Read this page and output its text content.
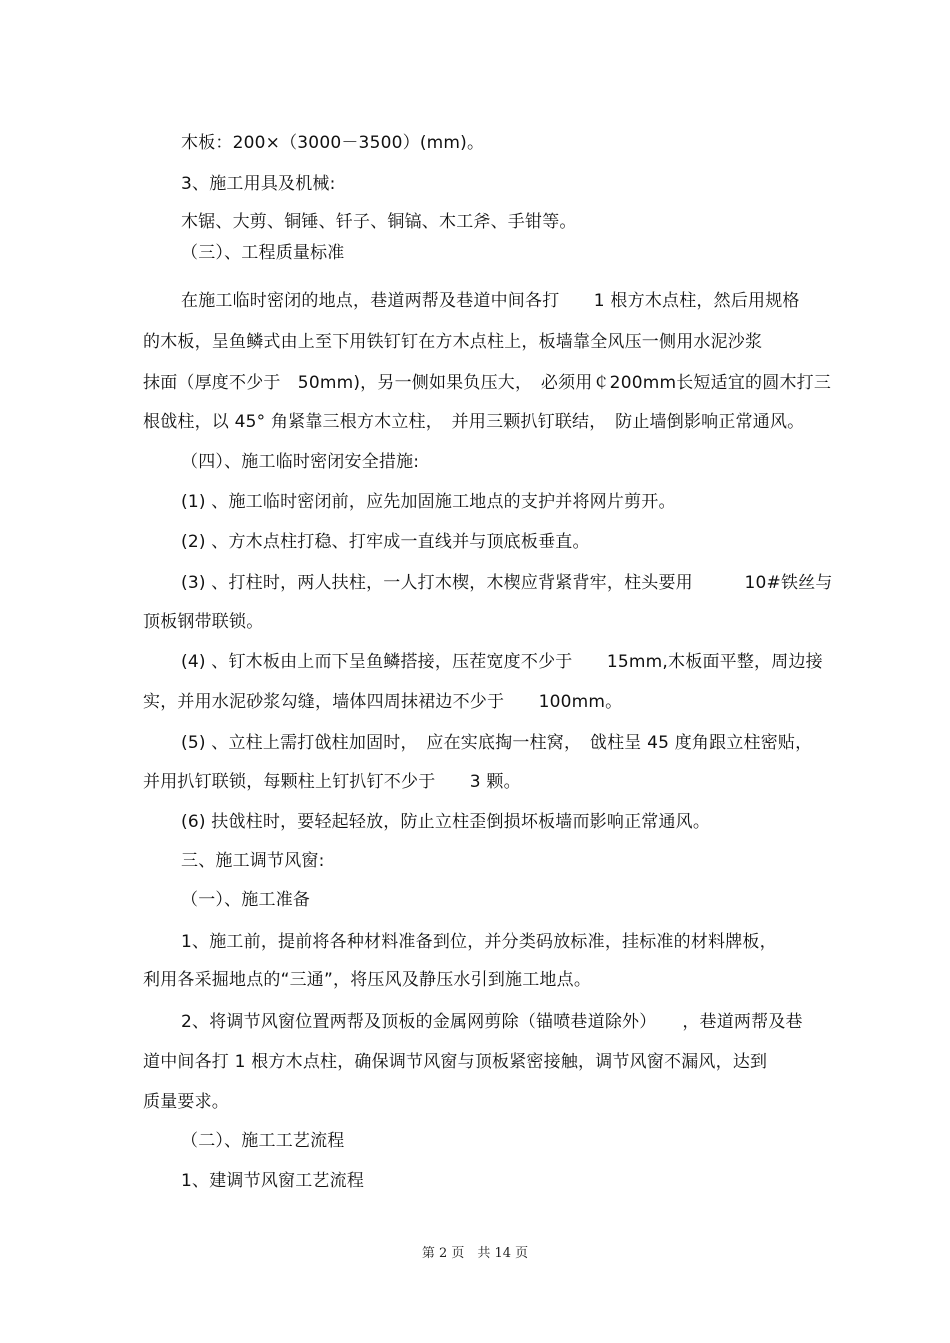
木板：200×（3000－3500）(mm)。
3、施工用具及机械:
木锯、大剪、铜锤、钎子、铜镐、木工斧、手钳等。
（三）、工程质量标准
在施工临时密闭的地点，巷道两帮及巷道中间各打　　1 根方木点柱，然后用规格
的木板，呈鱼鳞式由上至下用铁钉钉在方木点柱上，板墙靠全风压一侧用水泥沙浆
抹面（厚度不少于　50mm)，另一侧如果负压大，　必须用￠200mm长短适宜的圆木打三
根戗柱，以 45° 角紧靠三根方木立柱，　并用三颗扒钉联结，　防止墙倒影响正常通风。
（四）、施工临时密闭安全措施:
(1) 、施工临时密闭前，应先加固施工地点的支护并将网片剪开。
(2) 、方木点柱打稳、打牢成一直线并与顶底板垂直。
(3) 、打柱时，两人扶柱，一人打木楔，木楔应背紧背牢，柱头要用　　　10#铁丝与
顶板钢带联锁。
(4) 、钉木板由上而下呈鱼鳞搭接，压茬宽度不少于　　15mm,木板面平整，周边接
实，并用水泥砂浆勾缝，墙体四周抹裙边不少于　　100mm。
(5) 、立柱上需打戗柱加固时，　应在实底掏一柱窝，　戗柱呈 45 度角跟立柱密贴，
并用扒钉联锁，每颗柱上钉扒钉不少于　　3 颗。
(6) 扶戗柱时，要轻起轻放，防止立柱歪倒损坏板墙而影响正常通风。
三、施工调节风窗:
（一）、施工准备
1、施工前，提前将各种材料准备到位，并分类码放标准，挂标准的材料牌板，
利用各采掘地点的“三通”，将压风及静压水引到施工地点。
2、将调节风窗位置两帮及顶板的金属网剪除（锚喷巷道除外）　　，巷道两帮及巷
道中间各打 1 根方木点柱，确保调节风窗与顶板紧密接触，调节风窗不漏风，达到
质量要求。
（二）、施工工艺流程
1、建调节风窗工艺流程
第 2 页　共 14 页
